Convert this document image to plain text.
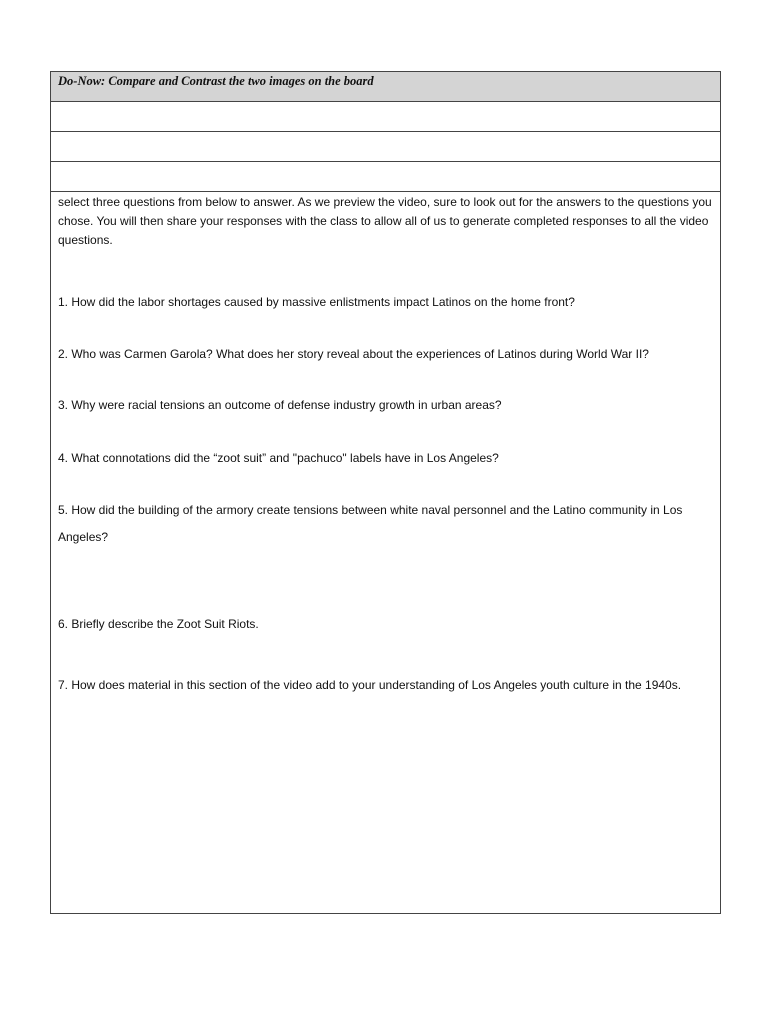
Do-Now: Compare and Contrast the two images on the board

select three questions from below to answer. As we preview the video, sure to look out for the answers to the questions you chose. You will then share your responses with the class to allow all of us to generate completed responses to all the video questions.

1. How did the labor shortages caused by massive enlistments impact Latinos on the home front?

2. Who was Carmen Garola? What does her story reveal about the experiences of Latinos during World War II?

3. Why were racial tensions an outcome of defense industry growth in urban areas?

4. What connotations did the “zoot suit” and "pachuco" labels have in Los Angeles?

5. How did the building of the armory create tensions between white naval personnel and the Latino community in Los Angeles?

6. Briefly describe the Zoot Suit Riots.

7. How does material in this section of the video add to your understanding of Los Angeles youth culture in the 1940s.
